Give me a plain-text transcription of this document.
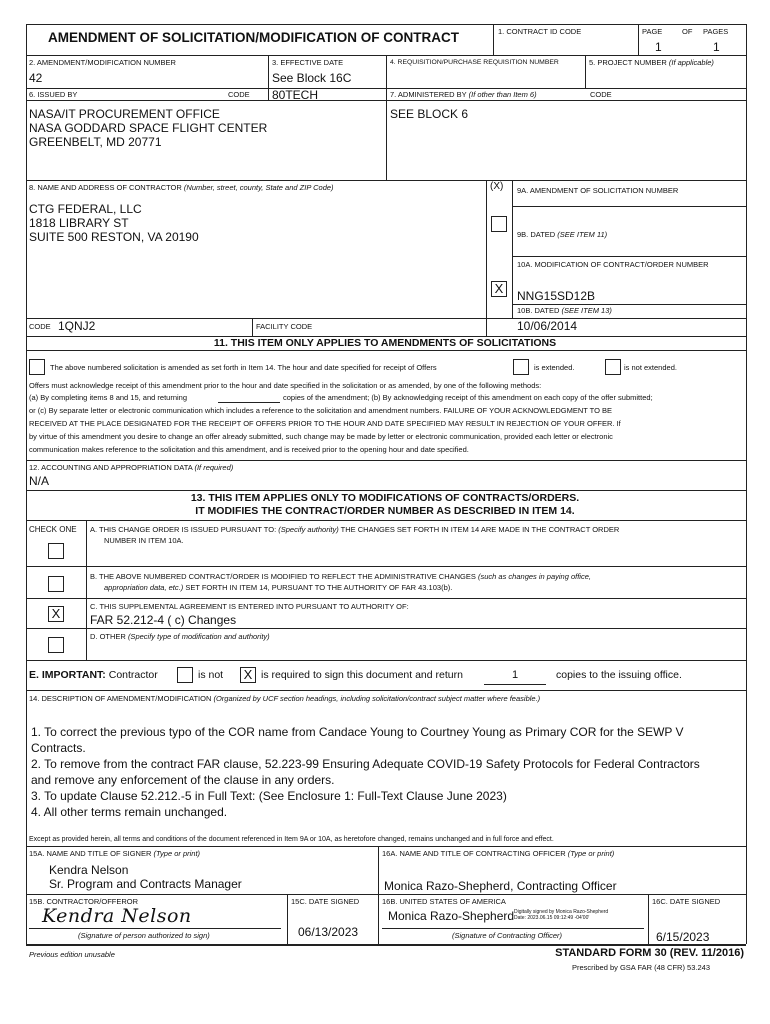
AMENDMENT OF SOLICITATION/MODIFICATION OF CONTRACT	1. CONTRACT ID CODE	PAGE	OF PAGES
1	1
2. AMENDMENT/MODIFICATION NUMBER
42
3. EFFECTIVE DATE
See Block 16C
4. REQUISITION/PURCHASE REQUISITION NUMBER	5. PROJECT NUMBER (If applicable)
6. ISSUED BY	CODE 80TECH	7. ADMINISTERED BY (If other than Item 6)	CODE
NASA/IT PROCUREMENT OFFICE
NASA GODDARD SPACE FLIGHT CENTER
GREENBELT, MD 20771
SEE BLOCK 6
8. NAME AND ADDRESS OF CONTRACTOR (Number, street, county, State and ZIP Code)
CTG FEDERAL, LLC
1818 LIBRARY ST
SUITE 500 RESTON, VA 20190
CODE 1QNJ2	FACILITY CODE
(X) 9A. AMENDMENT OF SOLICITATION NUMBER
9B. DATED (SEE ITEM 11)
10A. MODIFICATION OF CONTRACT/ORDER NUMBER
X	NNG15SD12B
10B. DATED (SEE ITEM 13)
10/06/2014
11. THIS ITEM ONLY APPLIES TO AMENDMENTS OF SOLICITATIONS
The above numbered solicitation is amended as set forth in Item 14. The hour and date specified for receipt of Offers	is extended.	is not extended.
Offers must acknowledge receipt of this amendment prior to the hour and date specified in the solicitation or as amended, by one of the following methods:
(a) By completing items 8 and 15, and returning	copies of the amendment; (b) By acknowledging receipt of this amendment on each copy of the offer submitted;
or (c) By separate letter or electronic communication which includes a reference to the solicitation and amendment numbers. FAILURE OF YOUR ACKNOWLEDGMENT TO BE
RECEIVED AT THE PLACE DESIGNATED FOR THE RECEIPT OF OFFERS PRIOR TO THE HOUR AND DATE SPECIFIED MAY RESULT IN REJECTION OF YOUR OFFER. If
by virtue of this amendment you desire to change an offer already submitted, such change may be made by letter or electronic communication, provided each letter or electronic
communication makes reference to the solicitation and this amendment, and is received prior to the opening hour and date specified.
12. ACCOUNTING AND APPROPRIATION DATA (If required)
N/A
13. THIS ITEM APPLIES ONLY TO MODIFICATIONS OF CONTRACTS/ORDERS.
IT MODIFIES THE CONTRACT/ORDER NUMBER AS DESCRIBED IN ITEM 14.
CHECK ONE
X
A. THIS CHANGE ORDER IS ISSUED PURSUANT TO: (Specify authority) THE CHANGES SET FORTH IN ITEM 14 ARE MADE IN THE CONTRACT ORDER
NUMBER IN ITEM 10A.
B. THE ABOVE NUMBERED CONTRACT/ORDER IS MODIFIED TO REFLECT THE ADMINISTRATIVE CHANGES (such as changes in paying office,
appropriation data, etc.) SET FORTH IN ITEM 14, PURSUANT TO THE AUTHORITY OF FAR 43.103(b).
C. THIS SUPPLEMENTAL AGREEMENT IS ENTERED INTO PURSUANT TO AUTHORITY OF:
FAR 52.212-4 ( c) Changes
D. OTHER (Specify type of modification and authority)
E. IMPORTANT: Contractor	is not X is required to sign this document and return	1	copies to the issuing office.
14. DESCRIPTION OF AMENDMENT/MODIFICATION (Organized by UCF section headings, including solicitation/contract subject matter where feasible.)
1. To correct the previous typo of the COR name from Candace Young to Courtney Young as Primary COR for the SEWP V
Contracts.
2. To remove from the contract FAR clause, 52.223-99 Ensuring Adequate COVID-19 Safety Protocols for Federal Contractors
and remove any enforcement of the clause in any orders.
3. To update Clause 52.212.-5 in Full Text: (See Enclosure 1: Full-Text Clause June 2023)
4. All other terms remain unchanged.
Except as provided herein, all terms and conditions of the document referenced in Item 9A or 10A, as heretofore changed, remains unchanged and in full force and effect.
15A. NAME AND TITLE OF SIGNER (Type or print)
Kendra Nelson
Sr. Program and Contracts Manager
16A. NAME AND TITLE OF CONTRACTING OFFICER (Type or print)
Monica Razo-Shepherd, Contracting Officer
15B. CONTRACTOR/OFFEROR
Kendra Nelson
(Signature of person authorized to sign)
15C. DATE SIGNED
06/13/2023
16B. UNITED STATES OF AMERICA
Monica Razo-Shepherd Digitally signed by Monica Razo-Shepherd
Date: 2023.06.15 09:12:49 -04'00'
(Signature of Contracting Officer)
16C. DATE SIGNED
6/15/2023
Previous edition unusable	STANDARD FORM 30 (REV. 11/2016)
Prescribed by GSA FAR (48 CFR) 53.243
